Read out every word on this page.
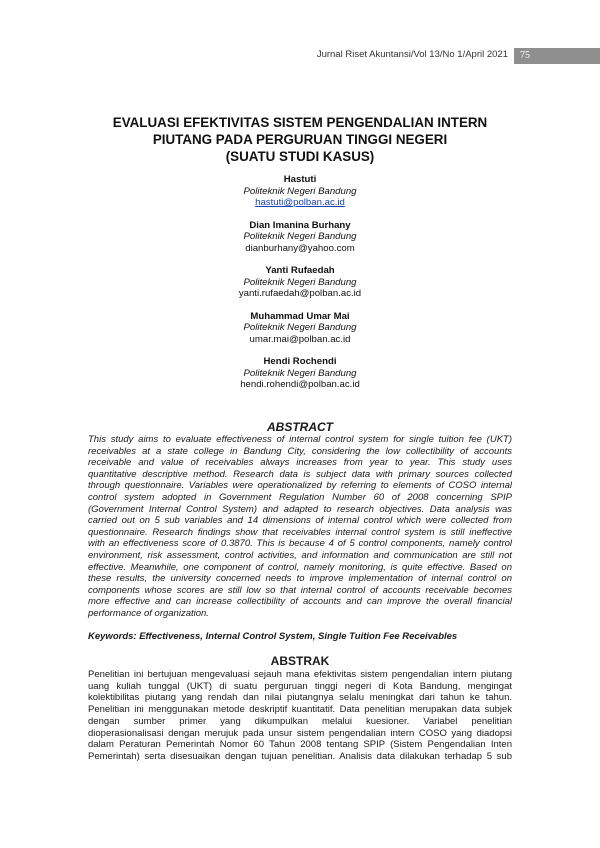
Jurnal Riset Akuntansi/Vol 13/No 1/April 2021	75
EVALUASI EFEKTIVITAS SISTEM PENGENDALIAN INTERN
PIUTANG PADA PERGURUAN TINGGI NEGERI
(SUATU STUDI KASUS)
Hastuti
Politeknik Negeri Bandung
hastuti@polban.ac.id
Dian Imanina Burhany
Politeknik Negeri Bandung
dianburhany@yahoo.com
Yanti Rufaedah
Politeknik Negeri Bandung
yanti.rufaedah@polban.ac.id
Muhammad Umar Mai
Politeknik Negeri Bandung
umar.mai@polban.ac.id
Hendi Rochendi
Politeknik Negeri Bandung
hendi.rohendi@polban.ac.id
ABSTRACT
This study aims to evaluate effectiveness of internal control system for single tuition fee (UKT)
receivables at a state college in Bandung City, considering the low collectibility of accounts
receivable and value of receivables always increases from year to year. This study uses
quantitative descriptive method. Research data is subject data with primary sources collected
through questionnaire. Variables were operationalized by referring to elements of COSO internal
control system adopted in Government Regulation Number 60 of 2008 concerning SPIP
(Government Internal Control System) and adapted to research objectives. Data analysis was
carried out on 5 sub variables and 14 dimensions of internal control which were collected from
questionnaire. Research findings show that receivables internal control system is still ineffective
with an effectiveness score of 0.3870. This is because 4 of 5 control components, namely control
environment, risk assessment, control activities, and information and communication are still not
effective. Meanwhile, one component of control, namely monitoring, is quite effective. Based on
these results, the university concerned needs to improve implementation of internal control on
components whose scores are still low so that internal control of accounts receivable becomes
more effective and can increase collectibility of accounts and can improve the overall financial
performance of organization.
Keywords: Effectiveness, Internal Control System, Single Tuition Fee Receivables
ABSTRAK
Penelitian ini bertujuan mengevaluasi sejauh mana efektivitas sistem pengendalian intern piutang
uang kuliah tunggal (UKT) di suatu perguruan tinggi negeri di Kota Bandung, mengingat
kolektibilitas piutang yang rendah dan nilai piutangnya selalu meningkat dari tahun ke tahun.
Penelitian ini menggunakan metode deskriptif kuantitatif. Data penelitian merupakan data subjek
dengan sumber primer yang dikumpulkan melalui kuesioner. Variabel penelitian
dioperasionalisasi dengan merujuk pada unsur sistem pengendalian intern COSO yang diadopsi
dalam Peraturan Pemerintah Nomor 60 Tahun 2008 tentang SPIP (Sistem Pengendalian Inten
Pemerintah) serta disesuaikan dengan tujuan penelitian. Analisis data dilakukan terhadap 5 sub
